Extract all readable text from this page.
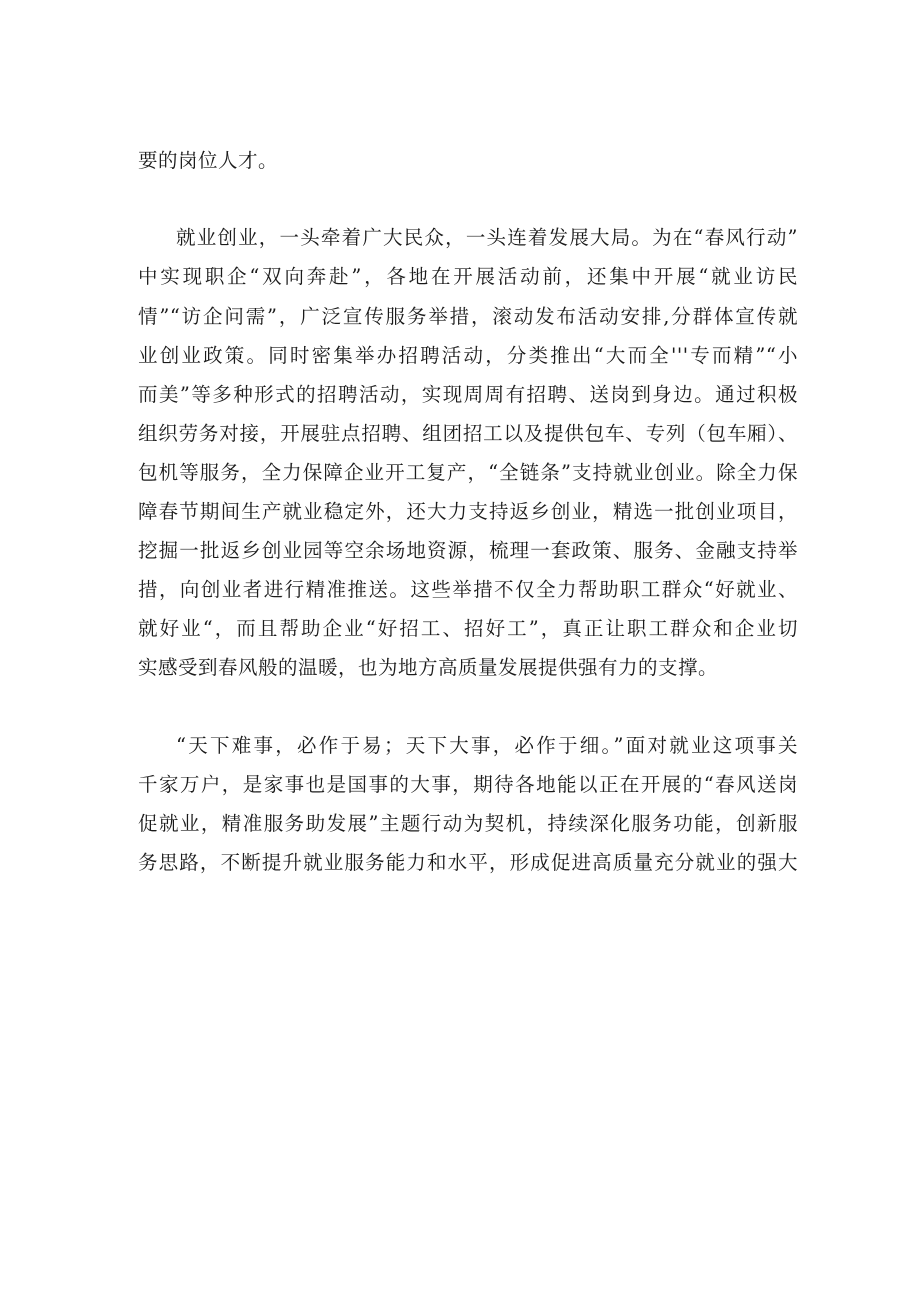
要的岗位人才。
就业创业，一头牵着广大民众，一头连着发展大局。为在“春风行动”
中实现职企“双向奔赴”，各地在开展活动前，还集中开展“就业访民
情”“访企问需”，广泛宣传服务举措，滚动发布活动安排,分群体宣传就
业创业政策。同时密集举办招聘活动，分类推出“大而全'''专而精”“小
而美”等多种形式的招聘活动，实现周周有招聘、送岗到身边。通过积极
组织劳务对接，开展驻点招聘、组团招工以及提供包车、专列（包车厢）、
包机等服务，全力保障企业开工复产，“全链条”支持就业创业。除全力保
障春节期间生产就业稳定外，还大力支持返乡创业，精选一批创业项目，
挖掘一批返乡创业园等空余场地资源，梳理一套政策、服务、金融支持举
措，向创业者进行精准推送。这些举措不仅全力帮助职工群众“好就业、
就好业“，而且帮助企业“好招工、招好工”，真正让职工群众和企业切
实感受到春风般的温暖，也为地方高质量发展提供强有力的支撑。
“天下难事，必作于易；天下大事，必作于细。”面对就业这项事关
千家万户，是家事也是国事的大事，期待各地能以正在开展的“春风送岗
促就业，精准服务助发展”主题行动为契机，持续深化服务功能，创新服
务思路，不断提升就业服务能力和水平，形成促进高质量充分就业的强大
